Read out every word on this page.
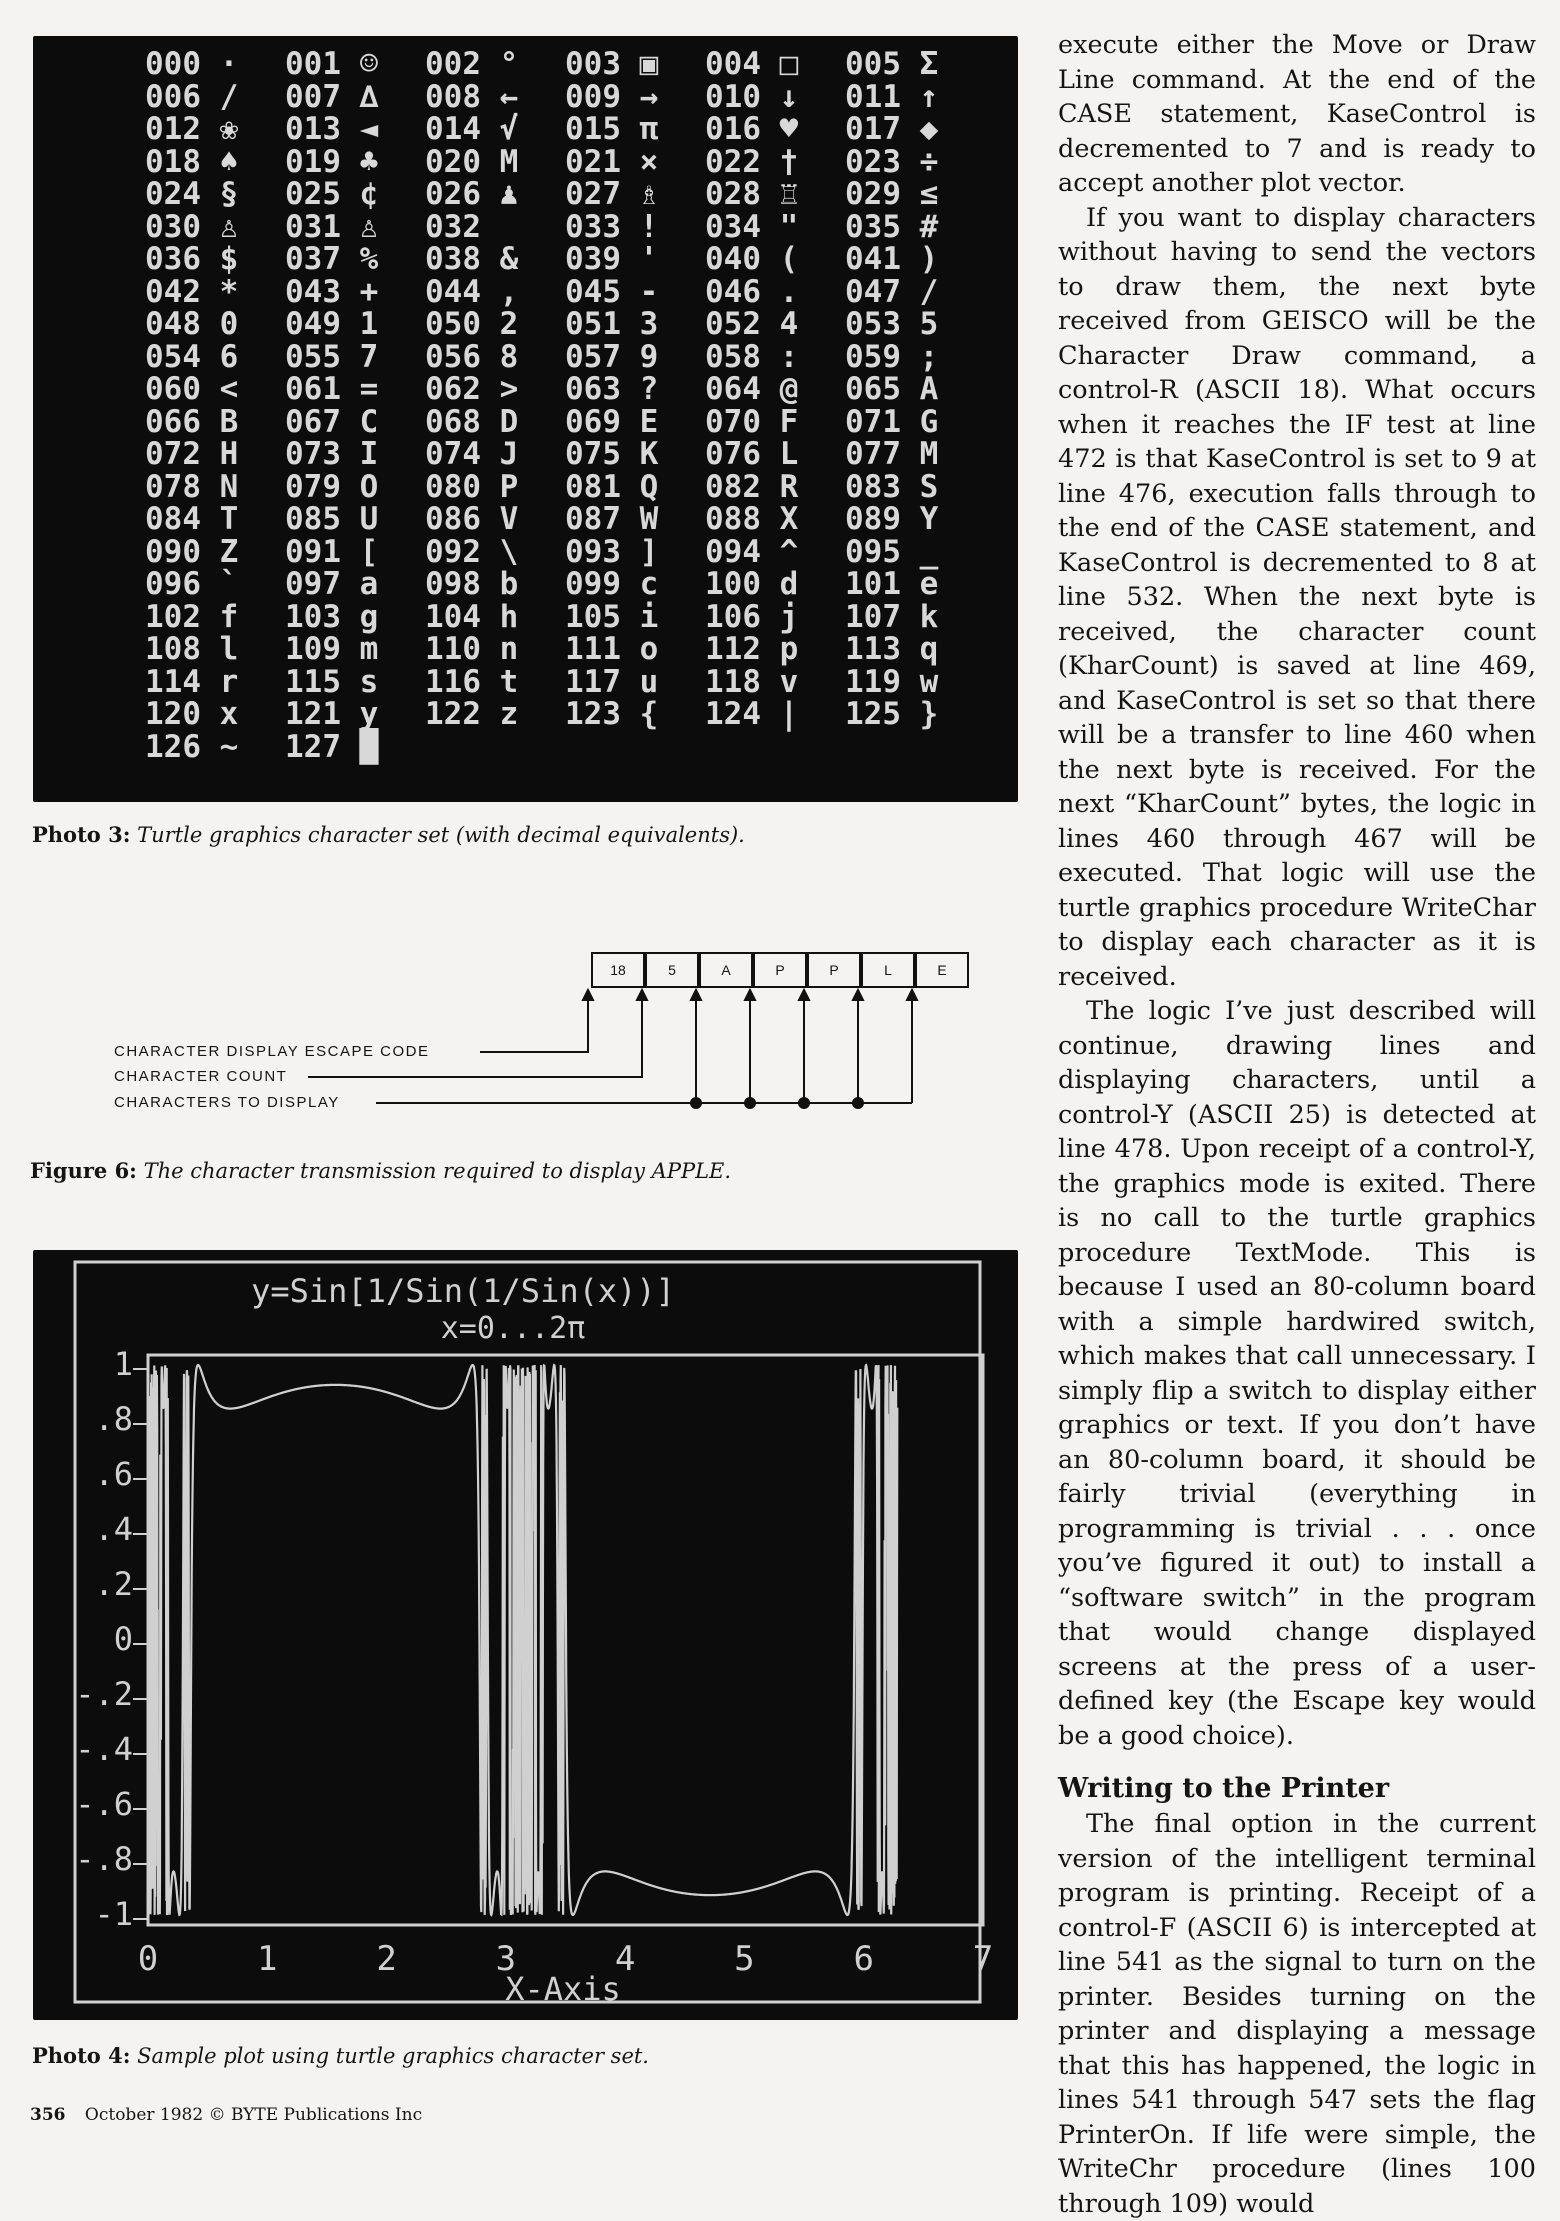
000 ·	001 ☺	002 °	003 ▣	004 □	005 Σ
006 /	007 ∆	008 ←	009 →	010 ↓	011 ↑
012 ❀	013 ◄	014 √	015 π	016 ♥	017 ◆
018 ♠	019 ♣	020 M	021 ×	022 †	023 ÷
024 §	025 ¢	026 ♟	027 ♗	028 ♖	029 ≤
030 ♙	031 ♙	032	033 !	034 "	035 #
036 $	037 %	038 &	039 '	040 (	041 )
042 *	043 +	044 ,	045 -	046 .	047 /
048 0	049 1	050 2	051 3	052 4	053 5
054 6	055 7	056 8	057 9	058 :	059 ;
060 <	061 =	062 >	063 ?	064 @	065 A
066 B	067 C	068 D	069 E	070 F	071 G
072 H	073 I	074 J	075 K	076 L	077 M
078 N	079 O	080 P	081 Q	082 R	083 S
084 T	085 U	086 V	087 W	088 X	089 Y
090 Z	091 [	092 \	093 ]	094 ^	095 _
096 `	097 a	098 b	099 c	100 d	101 e
102 f	103 g	104 h	105 i	106 j	107 k
108 l	109 m	110 n	111 o	112 p	113 q
114 r	115 s	116 t	117 u	118 v	119 w
120 x	121 y	122 z	123 {	124 |	125 }
126 ~	127 █
Photo 3: Turtle graphics character set (with decimal equivalents).
18	5	A	P	P	L	E
CHARACTER DISPLAY ESCAPE CODE
CHARACTER COUNT
CHARACTERS TO DISPLAY
Figure 6: The character transmission required to display APPLE.
y=Sin[1/Sin(1/Sin(x))]
x=0...2π
1
.8
.6
.4
.2
0
-.2
-.4
-.6
-.8
-1
0	1	2	3	4	5	6	7
X-Axis
Photo 4: Sample plot using turtle graphics character set.

execute either the Move or Draw Line command. At the end of the CASE statement, KaseControl is decremented to 7 and is ready to accept another plot vector.

If you want to display characters without having to send the vectors to draw them, the next byte received from GEISCO will be the Character Draw command, a control-R (ASCII 18). What occurs when it reaches the IF test at line 472 is that KaseControl is set to 9 at line 476, execution falls through to the end of the CASE statement, and KaseControl is decremented to 8 at line 532. When the next byte is received, the character count (KharCount) is saved at line 469, and KaseControl is set so that there will be a transfer to line 460 when the next byte is received. For the next “KharCount” bytes, the logic in lines 460 through 467 will be executed. That logic will use the turtle graphics procedure WriteChar to display each character as it is received.

The logic I’ve just described will continue, drawing lines and displaying characters, until a control-Y (ASCII 25) is detected at line 478. Upon receipt of a control-Y, the graphics mode is exited. There is no call to the turtle graphics procedure TextMode. This is because I used an 80-column board with a simple hardwired switch, which makes that call unnecessary. I simply flip a switch to display either graphics or text. If you don’t have an 80-column board, it should be fairly trivial (everything in programming is trivial . . . once you’ve figured it out) to install a “software switch” in the program that would change displayed screens at the press of a user-defined key (the Escape key would be a good choice).

Writing to the Printer

The final option in the current version of the intelligent terminal program is printing. Receipt of a control-F (ASCII 6) is intercepted at line 541 as the signal to turn on the printer. Besides turning on the printer and displaying a message that this has happened, the logic in lines 541 through 547 sets the flag PrinterOn. If life were simple, the WriteChr procedure (lines 100 through 109) would

356 October 1982 © BYTE Publications Inc
